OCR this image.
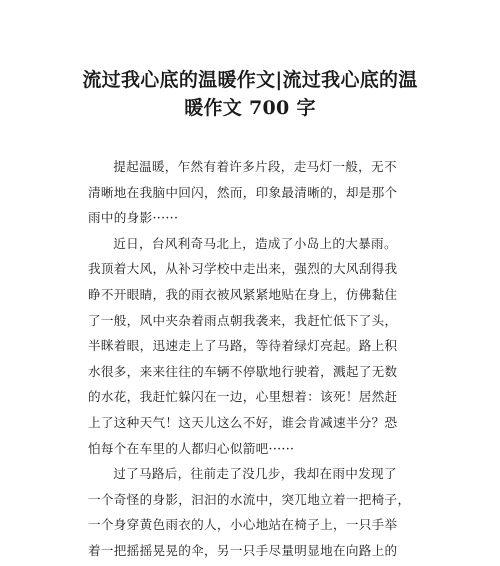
流过我心底的温暖作文|流过我心底的温
暖作文 700 字
提起温暖，乍然有着许多片段，走马灯一般，无不
清晰地在我脑中回闪，然而，印象最清晰的，却是那个
雨中的身影······
近日，台风利奇马北上，造成了小岛上的大暴雨。
我顶着大风，从补习学校中走出来，强烈的大风刮得我
睁不开眼睛，我的雨衣被风紧紧地贴在身上，仿佛黏住
了一般，风中夹杂着雨点朝我袭来，我赶忙低下了头，
半眯着眼，迅速走上了马路，等待着绿灯亮起。路上积
水很多，来来往往的车辆不停歇地行驶着，溅起了无数
的水花，我赶忙躲闪在一边，心里想着：该死！居然赶
上了这种天气！这天儿这么不好，谁会肯减速半分？恐
怕每个在车里的人都归心似箭吧······
过了马路后，往前走了没几步，我却在雨中发现了
一个奇怪的身影，汩汩的水流中，突兀地立着一把椅子，
一个身穿黄色雨衣的人，小心地站在椅子上，一只手举
着一把摇摇晃晃的伞，另一只手尽量明显地在向路上的
